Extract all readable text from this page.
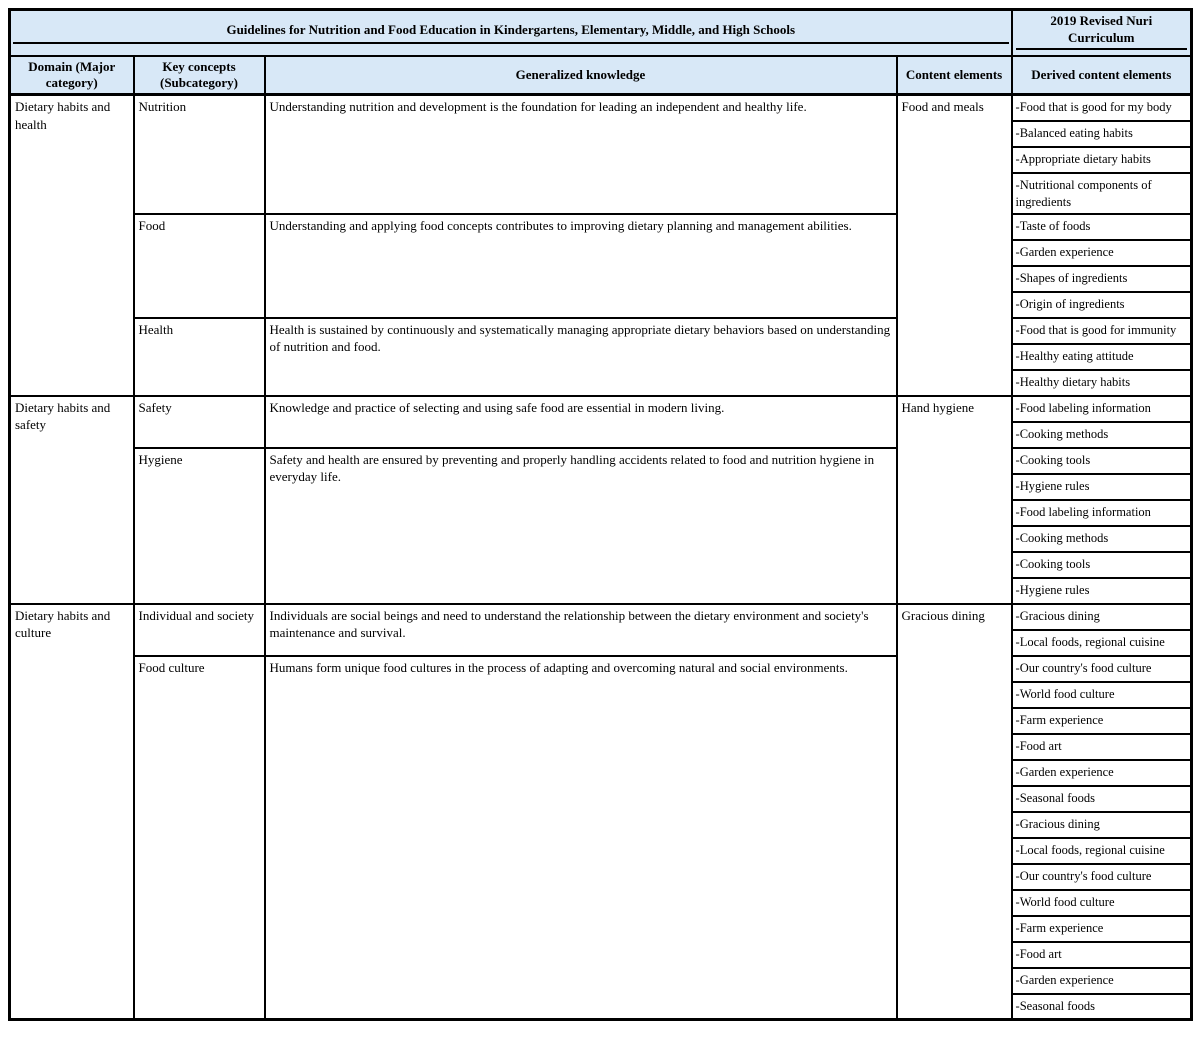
Guidelines for Nutrition and Food Education in Kindergartens, Elementary, Middle, and High Schools				2019 Revised Nuri Curriculum

Domain (Major category)	Key concepts (Subcategory)	Generalized knowledge	Content elements	Derived content elements
Dietary habits and health	Nutrition	Understanding nutrition and development is the foundation for leading an independent and healthy life.	Food and meals	-Food that is good for my body
				-Balanced eating habits
				-Appropriate dietary habits
				-Nutritional components of ingredients
	Food	Understanding and applying food concepts contributes to improving dietary planning and management abilities.		-Taste of foods
				-Garden experience
				-Shapes of ingredients
				-Origin of ingredients
	Health	Health is sustained by continuously and systematically managing appropriate dietary behaviors based on understanding of nutrition and food.		-Food that is good for immunity
				-Healthy eating attitude
				-Healthy dietary habits
Dietary habits and safety	Safety	Knowledge and practice of selecting and using safe food are essential in modern living.	Hand hygiene	-Food labeling information
				-Cooking methods
	Hygiene	Safety and health are ensured by preventing and properly handling accidents related to food and nutrition hygiene in everyday life.		-Cooking tools
				-Hygiene rules
				-Food labeling information
				-Cooking methods
				-Cooking tools
				-Hygiene rules
Dietary habits and culture	Individual and society	Individuals are social beings and need to understand the relationship between the dietary environment and society's maintenance and survival.	Gracious dining	-Gracious dining
				-Local foods, regional cuisine
	Food culture	Humans form unique food cultures in the process of adapting and overcoming natural and social environments.		-Our country's food culture
				-World food culture
				-Farm experience
				-Food art
				-Garden experience
				-Seasonal foods
				-Gracious dining
				-Local foods, regional cuisine
				-Our country's food culture
				-World food culture
				-Farm experience
				-Food art
				-Garden experience
				-Seasonal foods
